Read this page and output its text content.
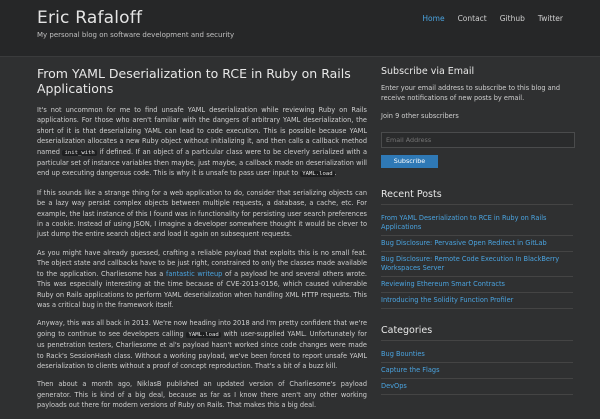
Eric Rafaloff
My personal blog on software development and security
Home Contact Github Twitter
From YAML Deserialization to RCE in Ruby on Rails Applications

It's not uncommon for me to find unsafe YAML deserialization while reviewing Ruby on Rails applications. For those who aren't familiar with the dangers of arbitrary YAML deserialization, the short of it is that deserializing YAML can lead to code execution. This is possible because YAML deserialization allocates a new Ruby object without initializing it, and then calls a callback method named init_with if defined. If an object of a particular class were to be cleverly serialized with a particular set of instance variables then maybe, just maybe, a callback made on deserialization will end up executing dangerous code. This is why it is unsafe to pass user input to YAML.load .

If this sounds like a strange thing for a web application to do, consider that serializing objects can be a lazy way persist complex objects between multiple requests, a database, a cache, etc. For example, the last instance of this I found was in functionality for persisting user search preferences in a cookie. Instead of using JSON, I imagine a developer somewhere thought it would be clever to just dump the entire search object and load it again on subsequent requests.

As you might have already guessed, crafting a reliable payload that exploits this is no small feat. The object state and callbacks have to be just right, constrained to only the classes made available to the application. Charliesome has a fantastic writeup of a payload he and several others wrote. This was especially interesting at the time because of CVE-2013-0156, which caused vulnerable Ruby on Rails applications to perform YAML deserialization when handling XML HTTP requests. This was a critical bug in the framework itself.

Anyway, this was all back in 2013. We're now heading into 2018 and I'm pretty confident that we're going to continue to see developers calling YAML.load with user-supplied YAML. Unfortunately for us penetration testers, Charliesome et al's payload hasn't worked since code changes were made to Rack's SessionHash class. Without a working payload, we've been forced to report unsafe YAML deserialization to clients without a proof of concept reproduction. That's a bit of a buzz kill.

Then about a month ago, NiklasB published an updated version of Charliesome's payload generator. This is kind of a big deal, because as far as I know there aren't any other working payloads out there for modern versions of Ruby on Rails. That makes this a big deal.

Subscribe via Email

Enter your email address to subscribe to this blog and receive notifications of new posts by email.

Join 9 other subscribers

Email Address
Subscribe
Recent Posts
From YAML Deserialization to RCE in Ruby on Rails Applications
Bug Disclosure: Pervasive Open Redirect in GitLab
Bug Disclosure: Remote Code Execution In BlackBerry Workspaces Server
Reviewing Ethereum Smart Contracts
Introducing the Solidity Function Profiler
Categories
Bug Bounties
Capture the Flags
DevOps
